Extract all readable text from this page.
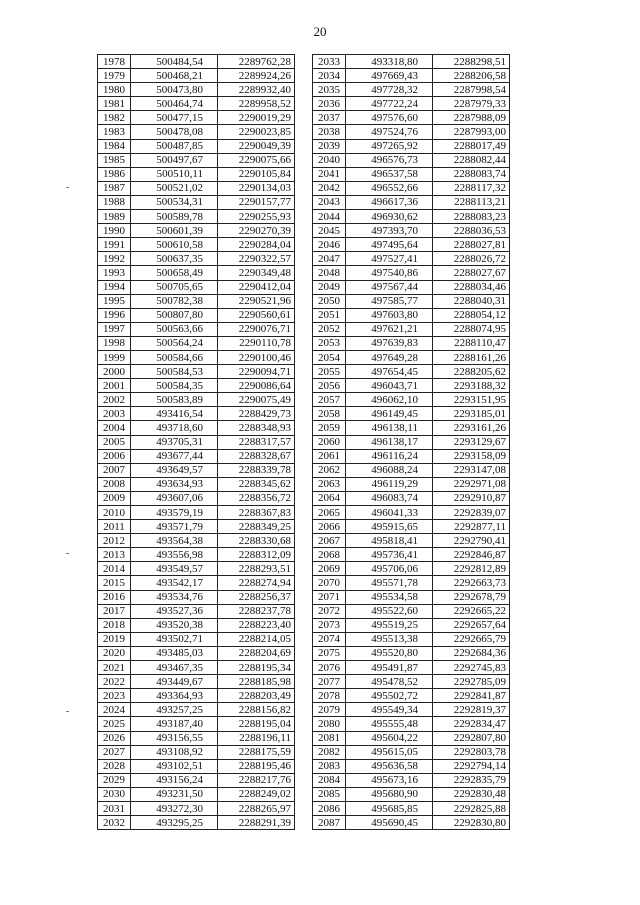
20
1978	500484,54	2289762,28
1979	500468,21	2289924,26
1980	500473,80	2289932,40
1981	500464,74	2289958,52
1982	500477,15	2290019,29
1983	500478,08	2290023,85
1984	500487,85	2290049,39
1985	500497,67	2290075,66
1986	500510,11	2290105,84
1987	500521,02	2290134,03
1988	500534,31	2290157,77
1989	500589,78	2290255,93
1990	500601,39	2290270,39
1991	500610,58	2290284,04
1992	500637,35	2290322,57
1993	500658,49	2290349,48
1994	500705,65	2290412,04
1995	500782,38	2290521,96
1996	500807,80	2290560,61
1997	500563,66	2290076,71
1998	500564,24	2290110,78
1999	500584,66	2290100,46
2000	500584,53	2290094,71
2001	500584,35	2290086,64
2002	500583,89	2290075,49
2003	493416,54	2288429,73
2004	493718,60	2288348,93
2005	493705,31	2288317,57
2006	493677,44	2288328,67
2007	493649,57	2288339,78
2008	493634,93	2288345,62
2009	493607,06	2288356,72
2010	493579,19	2288367,83
2011	493571,79	2288349,25
2012	493564,38	2288330,68
2013	493556,98	2288312,09
2014	493549,57	2288293,51
2015	493542,17	2288274,94
2016	493534,76	2288256,37
2017	493527,36	2288237,78
2018	493520,38	2288223,40
2019	493502,71	2288214,05
2020	493485,03	2288204,69
2021	493467,35	2288195,34
2022	493449,67	2288185,98
2023	493364,93	2288203,49
2024	493257,25	2288156,82
2025	493187,40	2288195,04
2026	493156,55	2288196,11
2027	493108,92	2288175,59
2028	493102,51	2288195,46
2029	493156,24	2288217,76
2030	493231,50	2288249,02
2031	493272,30	2288265,97
2032	493295,25	2288291,39
2033	493318,80	2288298,51
2034	497669,43	2288206,58
2035	497728,32	2287998,54
2036	497722,24	2287979,33
2037	497576,60	2287988,09
2038	497524,76	2287993,00
2039	497265,92	2288017,49
2040	496576,73	2288082,44
2041	496537,58	2288083,74
2042	496552,66	2288117,32
2043	496617,36	2288113,21
2044	496930,62	2288083,23
2045	497393,70	2288036,53
2046	497495,64	2288027,81
2047	497527,41	2288026,72
2048	497540,86	2288027,67
2049	497567,44	2288034,46
2050	497585,77	2288040,31
2051	497603,80	2288054,12
2052	497621,21	2288074,95
2053	497639,83	2288110,47
2054	497649,28	2288161,26
2055	497654,45	2288205,62
2056	496043,71	2293188,32
2057	496062,10	2293151,95
2058	496149,45	2293185,01
2059	496138,11	2293161,26
2060	496138,17	2293129,67
2061	496116,24	2293158,09
2062	496088,24	2293147,08
2063	496119,29	2292971,08
2064	496083,74	2292910,87
2065	496041,33	2292839,07
2066	495915,65	2292877,11
2067	495818,41	2292790,41
2068	495736,41	2292846,87
2069	495706,06	2292812,89
2070	495571,78	2292663,73
2071	495534,58	2292678,79
2072	495522,60	2292665,22
2073	495519,25	2292657,64
2074	495513,38	2292665,79
2075	495520,80	2292684,36
2076	495491,87	2292745,83
2077	495478,52	2292785,09
2078	495502,72	2292841,87
2079	495549,34	2292819,37
2080	495555,48	2292834,47
2081	495604,22	2292807,80
2082	495615,05	2292803,78
2083	495636,58	2292794,14
2084	495673,16	2292835,79
2085	495680,90	2292830,48
2086	495685,85	2292825,88
2087	495690,45	2292830,80
